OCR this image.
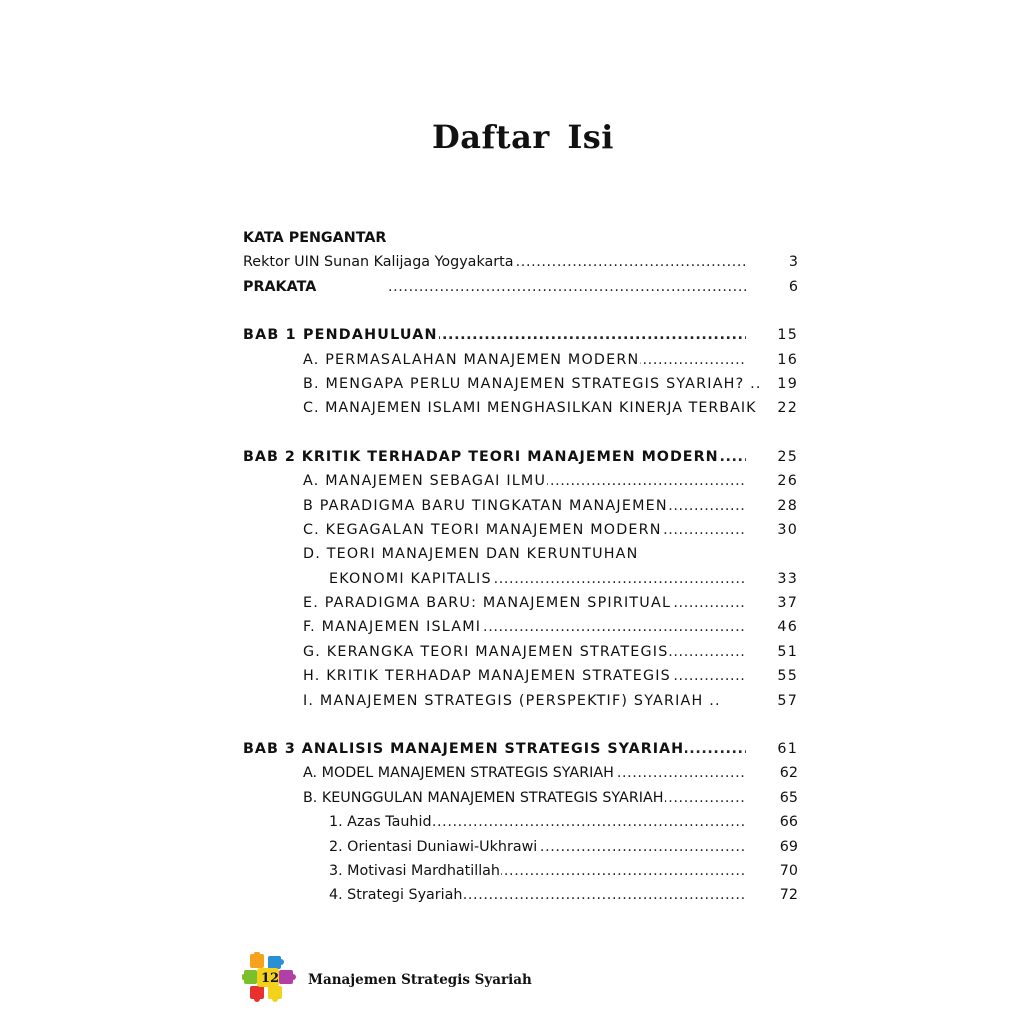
Daftar Isi
KATA PENGANTAR
Rektor UIN Sunan Kalijaga Yogyakarta .....	3
PRAKATA .....	6
BAB 1 PENDAHULUAN .....	15
A. PERMASALAHAN MANAJEMEN MODERN .....	16
B. MENGAPA PERLU MANAJEMEN STRATEGIS SYARIAH? ..	19
C. MANAJEMEN ISLAMI MENGHASILKAN KINERJA TERBAIK	22
BAB 2 KRITIK TERHADAP TEORI MANAJEMEN MODERN .....	25
A. MANAJEMEN SEBAGAI ILMU .....	26
B PARADIGMA BARU TINGKATAN MANAJEMEN .....	28
C. KEGAGALAN TEORI MANAJEMEN MODERN .....	30
D. TEORI MANAJEMEN DAN KERUNTUHAN
EKONOMI KAPITALIS .....	33
E. PARADIGMA BARU: MANAJEMEN SPIRITUAL .....	37
F. MANAJEMEN ISLAMI .....	46
G. KERANGKA TEORI MANAJEMEN STRATEGIS .....	51
H. KRITIK TERHADAP MANAJEMEN STRATEGIS .....	55
I. MANAJEMEN STRATEGIS (PERSPEKTIF) SYARIAH ..	57
BAB 3 ANALISIS MANAJEMEN STRATEGIS SYARIAH .....	61
A. MODEL MANAJEMEN STRATEGIS SYARIAH .....	62
B. KEUNGGULAN MANAJEMEN STRATEGIS SYARIAH .....	65
1. Azas Tauhid .....	66
2. Orientasi Duniawi-Ukhrawi .....	69
3. Motivasi Mardhatillah .....	70
4. Strategi Syariah .....	72
12 Manajemen Strategis Syariah
